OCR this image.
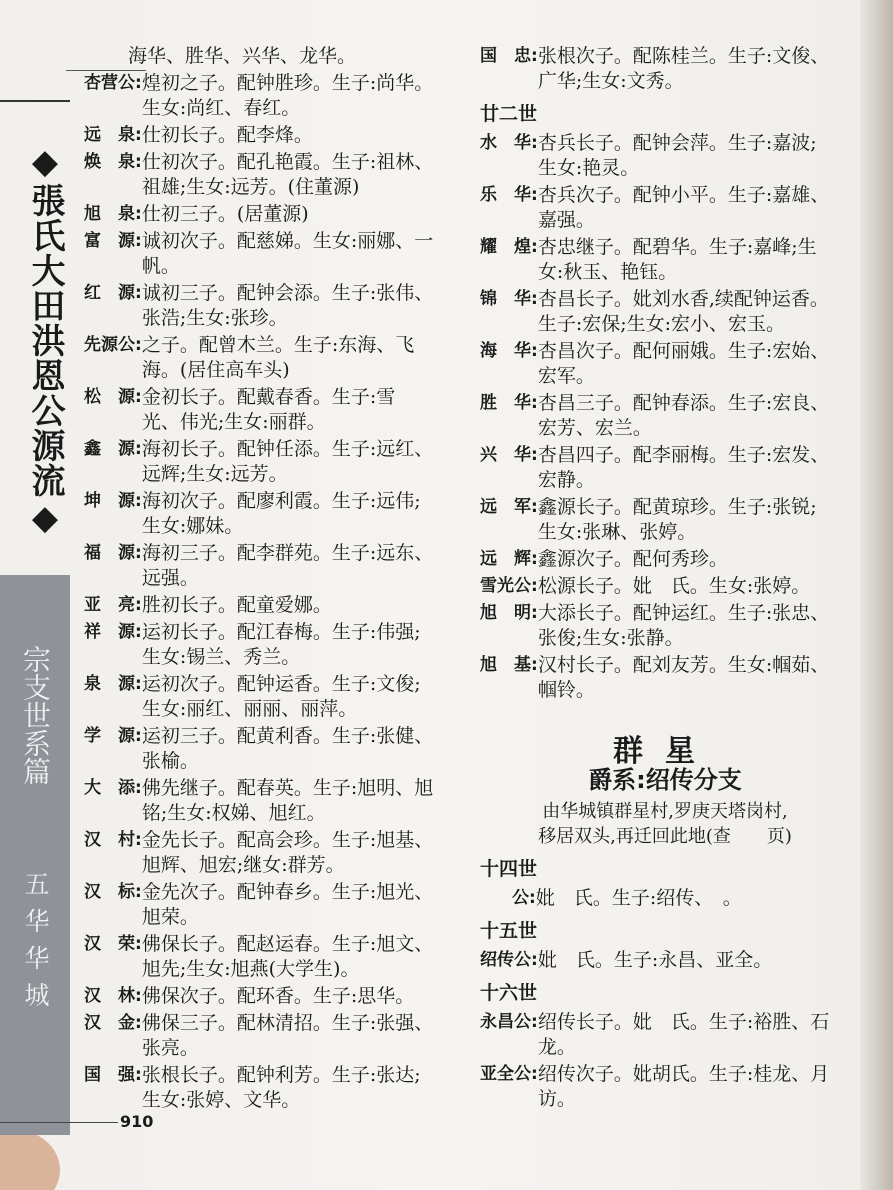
◆張氏大田洪恩公源流◆
宗支世系篇
五华华城
海华、胜华、兴华、龙华。
杏营公: 煌初之子。配钟胜珍。生子:尚华。
生女:尚红、春红。
远　泉: 仕初长子。配李烽。
焕　泉: 仕初次子。配孔艳霞。生子:祖林、
祖雄;生女:远芳。(住董源)
旭　泉: 仕初三子。(居董源)
富　源: 诚初次子。配慈娣。生女:丽娜、一帆。
红　源: 诚初三子。配钟会添。生子:张伟、
张浩;生女:张珍。
先源公: 之子。配曾木兰。生子:东海、飞
海。(居住高车头)
松　源: 金初长子。配戴春香。生子:雪
光、伟光;生女:丽群。
鑫　源: 海初长子。配钟任添。生子:远红、
远辉;生女:远芳。
坤　源: 海初次子。配廖利霞。生子:远伟;
生女:娜妹。
福　源: 海初三子。配李群苑。生子:远东、
远强。
亚　亮: 胜初长子。配童爱娜。
祥　源: 运初长子。配江春梅。生子:伟强;
生女:锡兰、秀兰。
泉　源: 运初次子。配钟运香。生子:文俊;
生女:丽红、丽丽、丽萍。
学　源: 运初三子。配黄利香。生子:张健、
张榆。
大　添: 佛先继子。配春英。生子:旭明、旭
铭;生女:权娣、旭红。
汉　村: 金先长子。配高会珍。生子:旭基、
旭辉、旭宏;继女:群芳。
汉　标: 金先次子。配钟春乡。生子:旭光、
旭荣。
汉　荣: 佛保长子。配赵运春。生子:旭文、
旭先;生女:旭燕(大学生)。
汉　林: 佛保次子。配环香。生子:思华。
汉　金: 佛保三子。配林清招。生子:张强、
张亮。
国　强: 张根长子。配钟利芳。生子:张达;
生女:张婷、文华。
国　忠: 张根次子。配陈桂兰。生子:文俊、
广华;生女:文秀。
廿二世
水　华: 杏兵长子。配钟会萍。生子:嘉波;
生女:艳灵。
乐　华: 杏兵次子。配钟小平。生子:嘉雄、
嘉强。
耀　煌: 杏忠继子。配碧华。生子:嘉峰;生
女:秋玉、艳钰。
锦　华: 杏昌长子。妣刘水香,续配钟运香。
生子:宏保;生女:宏小、宏玉。
海　华: 杏昌次子。配何丽娥。生子:宏始、
宏军。
胜　华: 杏昌三子。配钟春添。生子:宏良、
宏芳、宏兰。
兴　华: 杏昌四子。配李丽梅。生子:宏发、
宏静。
远　军: 鑫源长子。配黄琼珍。生子:张锐;
生女:张琳、张婷。
远　辉: 鑫源次子。配何秀珍。
雪光公: 松源长子。妣　氏。生女:张婷。
旭　明: 大添长子。配钟运红。生子:张忠、
张俊;生女:张静。
旭　基: 汉村长子。配刘友芳。生女:帼茹、
帼铃。
群星
爵系:绍传分支
由华城镇群星村,罗庚天塔岗村,
移居双头,再迁回此地(查　　页)
十四世
公: 妣　氏。生子:绍传、　。
十五世
绍传公: 妣　氏。生子:永昌、亚全。
十六世
永昌公: 绍传长子。妣　氏。生子:裕胜、石
龙。
亚全公: 绍传次子。妣胡氏。生子:桂龙、月
访。
910
